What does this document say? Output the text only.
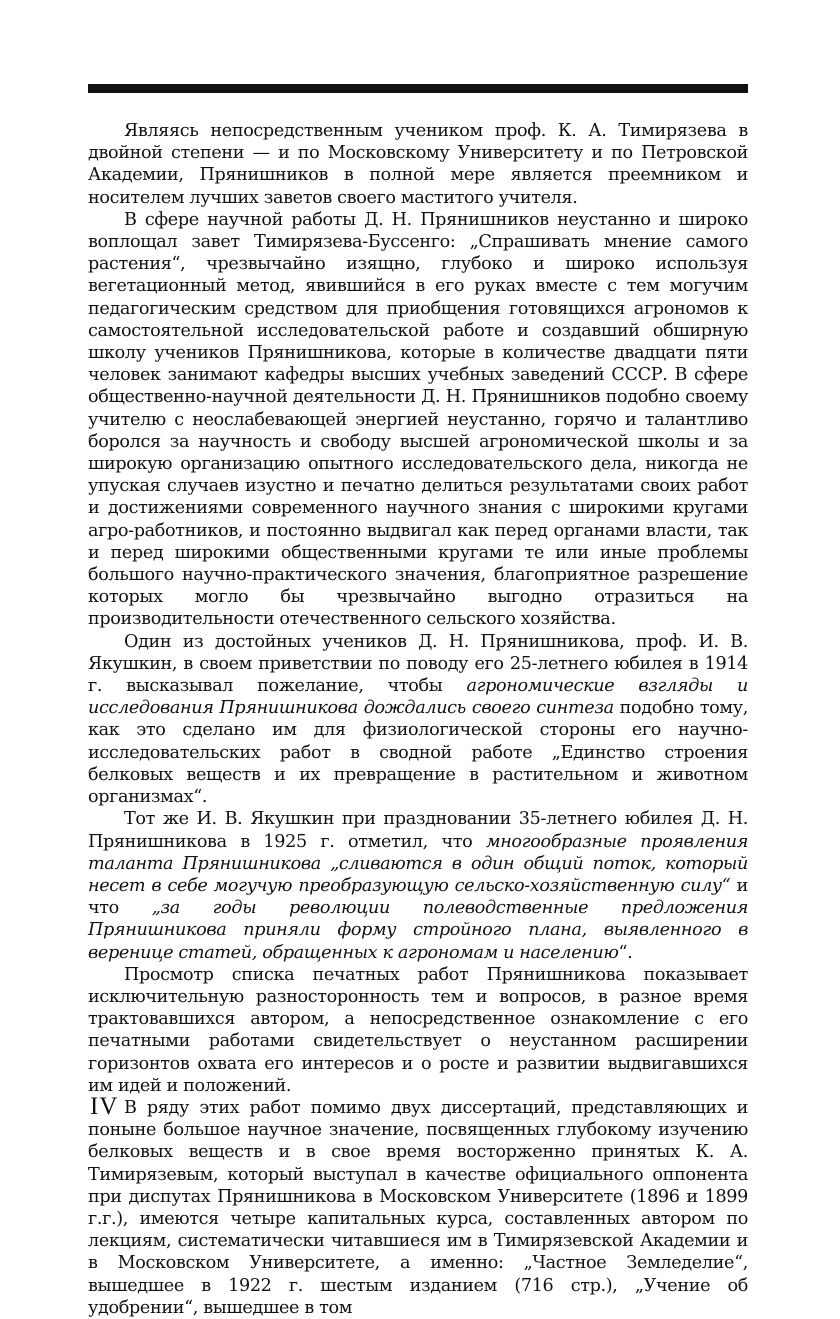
Являясь непосредственным учеником проф. К. А. Тимирязева в двойной степени — и по Московскому Университету и по Петровской Академии, Прянишников в полной мере является преемником и носителем лучших заветов своего маститого учителя.

В сфере научной работы Д. Н. Прянишников неустанно и широко воплощал завет Тимирязева-Буссенго: „Спрашивать мнение самого растения“, чрезвычайно изящно, глубоко и широко используя вегетационный метод, явившийся в его руках вместе с тем могучим педагогическим средством для приобщения готовящихся агрономов к самостоятельной исследовательской работе и создавший обширную школу учеников Прянишникова, которые в количестве двадцати пяти человек занимают кафедры высших учебных заведений СССР. В сфере общественно-научной деятельности Д. Н. Прянишников подобно своему учителю с неослабевающей энергией неустанно, горячо и талантливо боролся за научность и свободу высшей агрономической школы и за широкую организацию опытного исследовательского дела, никогда не упуская случаев изустно и печатно делиться результатами своих работ и достижениями современного научного знания с широкими кругами агро-работников, и постоянно выдвигал как перед органами власти, так и перед широкими общественными кругами те или иные проблемы большого научно-практического значения, благоприятное разрешение которых могло бы чрезвычайно выгодно отразиться на производительности отечественного сельского хозяйства.

Один из достойных учеников Д. Н. Прянишникова, проф. И. В. Якушкин, в своем приветствии по поводу его 25-летнего юбилея в 1914 г. высказывал пожелание, чтобы агрономические взгляды и исследования Прянишникова дождались своего синтеза подобно тому, как это сделано им для физиологической стороны его научно-исследовательских работ в сводной работе „Единство строения белковых веществ и их превращение в растительном и животном организмах“.

Тот же И. В. Якушкин при праздновании 35-летнего юбилея Д. Н. Прянишникова в 1925 г. отметил, что многообразные проявления таланта Прянишникова „сливаются в один общий поток, который несет в себе могучую преобразующую сельско-хозяйственную силу“ и что „за годы революции полеводственные предложения Прянишникова приняли форму стройного плана, выявленного в веренице статей, обращенных к агрономам и населению“.

Просмотр списка печатных работ Прянишникова показывает исключительную разносторонность тем и вопросов, в разное время трактовавшихся автором, а непосредственное ознакомление с его печатными работами свидетельствует о неустанном расширении горизонтов охвата его интересов и о росте и развитии выдвигавшихся им идей и положений.

В ряду этих работ помимо двух диссертаций, представляющих и поныне большое научное значение, посвященных глубокому изучению белковых веществ и в свое время восторженно принятых К. А. Тимирязевым, который выступал в качестве официального оппонента при диспутах Прянишникова в Московском Университете (1896 и 1899 г.г.), имеются четыре капитальных курса, составленных автором по лекциям, систематически читавшиеся им в Тимирязевской Академии и в Московском Университете, а именно: „Частное Земледелие“, вышедшее в 1922 г. шестым изданием (716 стр.), „Учение об удобрении“, вышедшее в том

IV
